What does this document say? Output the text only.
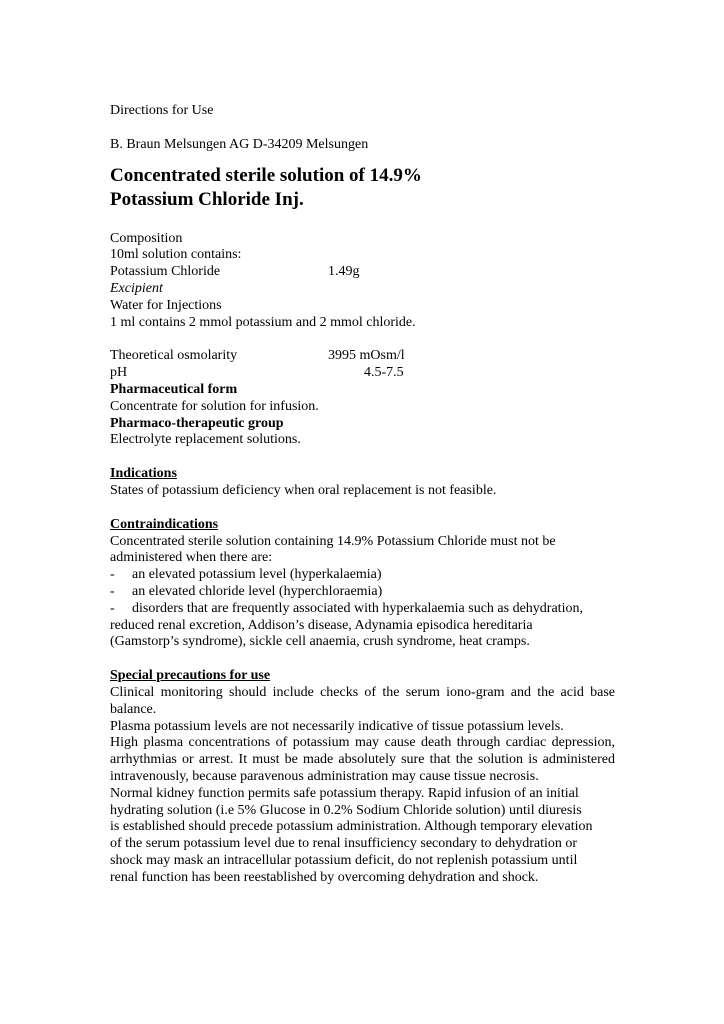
Directions for Use
B. Braun Melsungen AG D-34209 Melsungen
Concentrated sterile solution of 14.9%
Potassium Chloride Inj.
Composition
10ml solution contains:
Potassium Chloride	1.49g
Excipient
Water for Injections
1 ml contains 2 mmol potassium and 2 mmol chloride.
Theoretical osmolarity	3995 mOsm/l
pH	4.5-7.5
Pharmaceutical form
Concentrate for solution for infusion.
Pharmaco-therapeutic group
Electrolyte replacement solutions.
Indications
States of potassium deficiency when oral replacement is not feasible.
Contraindications
Concentrated sterile solution containing 14.9% Potassium Chloride must not be
administered when there are:
- an elevated potassium level (hyperkalaemia)
- an elevated chloride level (hyperchloraemia)
- disorders that are frequently associated with hyperkalaemia such as dehydration,
reduced renal excretion, Addison’s disease, Adynamia episodica hereditaria
(Gamstorp’s syndrome), sickle cell anaemia, crush syndrome, heat cramps.
Special precautions for use
Clinical monitoring should include checks of the serum iono-gram and the acid base balance.
Plasma potassium levels are not necessarily indicative of tissue potassium levels.
High plasma concentrations of potassium may cause death through cardiac depression, arrhythmias or arrest. It must be made absolutely sure that the solution is administered intravenously, because paravenous administration may cause tissue necrosis.
Normal kidney function permits safe potassium therapy. Rapid infusion of an initial
hydrating solution (i.e 5% Glucose in 0.2% Sodium Chloride solution) until diuresis
is established should precede potassium administration. Although temporary elevation
of the serum potassium level due to renal insufficiency secondary to dehydration or
shock may mask an intracellular potassium deficit, do not replenish potassium until
renal function has been reestablished by overcoming dehydration and shock.
